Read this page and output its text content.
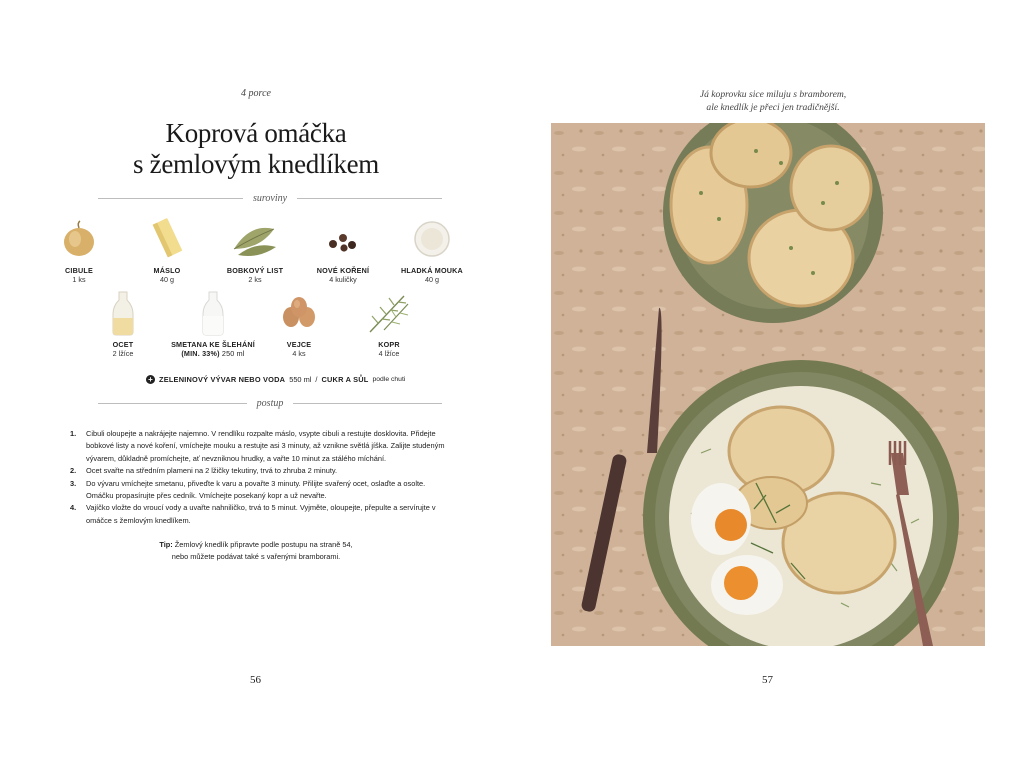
4 porce
Koprová omáčka
s žemlovým knedlíkem
suroviny
CIBULE
1 ks
MÁSLO
40 g
BOBKOVÝ LIST
2 ks
NOVÉ KOŘENÍ
4 kuličky
HLADKÁ MOUKA
40 g
OCET
2 lžíce
SMETANA KE ŠLEHÁNÍ
(MIN. 33%) 250 ml
VEJCE
4 ks
KOPR
4 lžíce
+ ZELENINOVÝ VÝVAR NEBO VODA 550 ml / CUKR A SŮL podle chuti
postup
1.	Cibuli oloupejte a nakrájejte najemno. V rendlíku rozpalte máslo, vsypte cibuli a restujte dosklovita. Přidejte bobkové listy a nové koření, vmíchejte mouku a restujte asi 3 minuty, až vznikne světlá jíška. Zalijte studeným vývarem, důkladně promíchejte, ať nevzniknou hrudky, a vařte 10 minut za stálého míchání.
2.	Ocet svařte na středním plameni na 2 lžičky tekutiny, trvá to zhruba 2 minuty.
3.	Do vývaru vmíchejte smetanu, přiveďte k varu a povařte 3 minuty. Přilijte svařený ocet, oslaďte a osolte. Omáčku propasírujte přes cedník. Vmíchejte posekaný kopr a už nevařte.
4.	Vajíčko vložte do vroucí vody a uvařte nahniličko, trvá to 5 minut. Vyjměte, oloupejte, přepulte a servírujte v omáčce s žemlovým knedlíkem.
Tip: Žemlový knedlík připravte podle postupu na straně 54,
nebo můžete podávat také s vařenými bramborami.
56
Já koprovku sice miluju s bramborem,
ale knedlík je přeci jen tradičnější.
57
